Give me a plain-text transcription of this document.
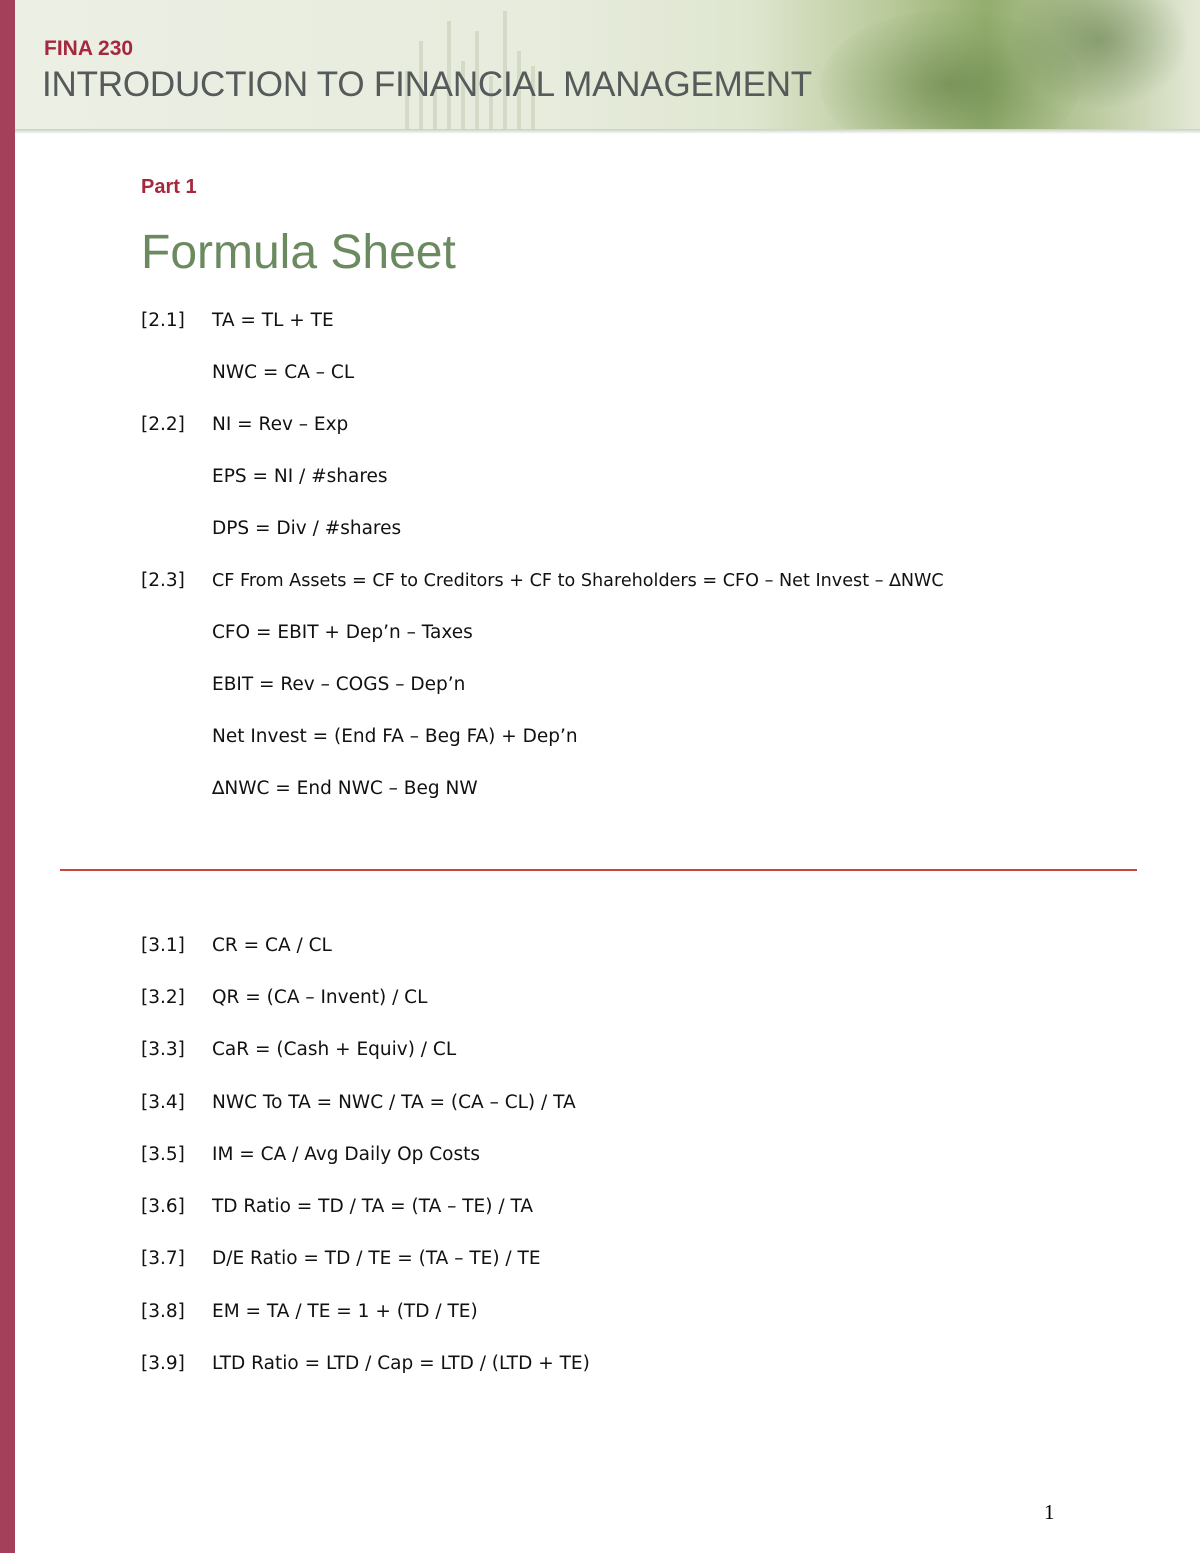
FINA 230

INTRODUCTION TO FINANCIAL MANAGEMENT

Part 1

Formula Sheet
[2.1] TA = TL + TE
NWC = CA – CL
[2.2] NI = Rev – Exp
EPS = NI / #shares
DPS = Div / #shares
[2.3] CF From Assets = CF to Creditors + CF to Shareholders = CFO – Net Invest – ∆NWC
CFO = EBIT + Dep’n – Taxes
EBIT = Rev – COGS – Dep’n
Net Invest = (End FA – Beg FA) + Dep’n
∆NWC = End NWC – Beg NW
[3.1] CR = CA / CL
[3.2] QR = (CA – Invent) / CL
[3.3] CaR = (Cash + Equiv) / CL
[3.4] NWC To TA = NWC / TA = (CA – CL) / TA
[3.5] IM = CA / Avg Daily Op Costs
[3.6] TD Ratio = TD / TA = (TA – TE) / TA
[3.7] D/E Ratio = TD / TE = (TA – TE) / TE
[3.8] EM = TA / TE = 1 + (TD / TE)
[3.9] LTD Ratio = LTD / Cap = LTD / (LTD + TE)

1
